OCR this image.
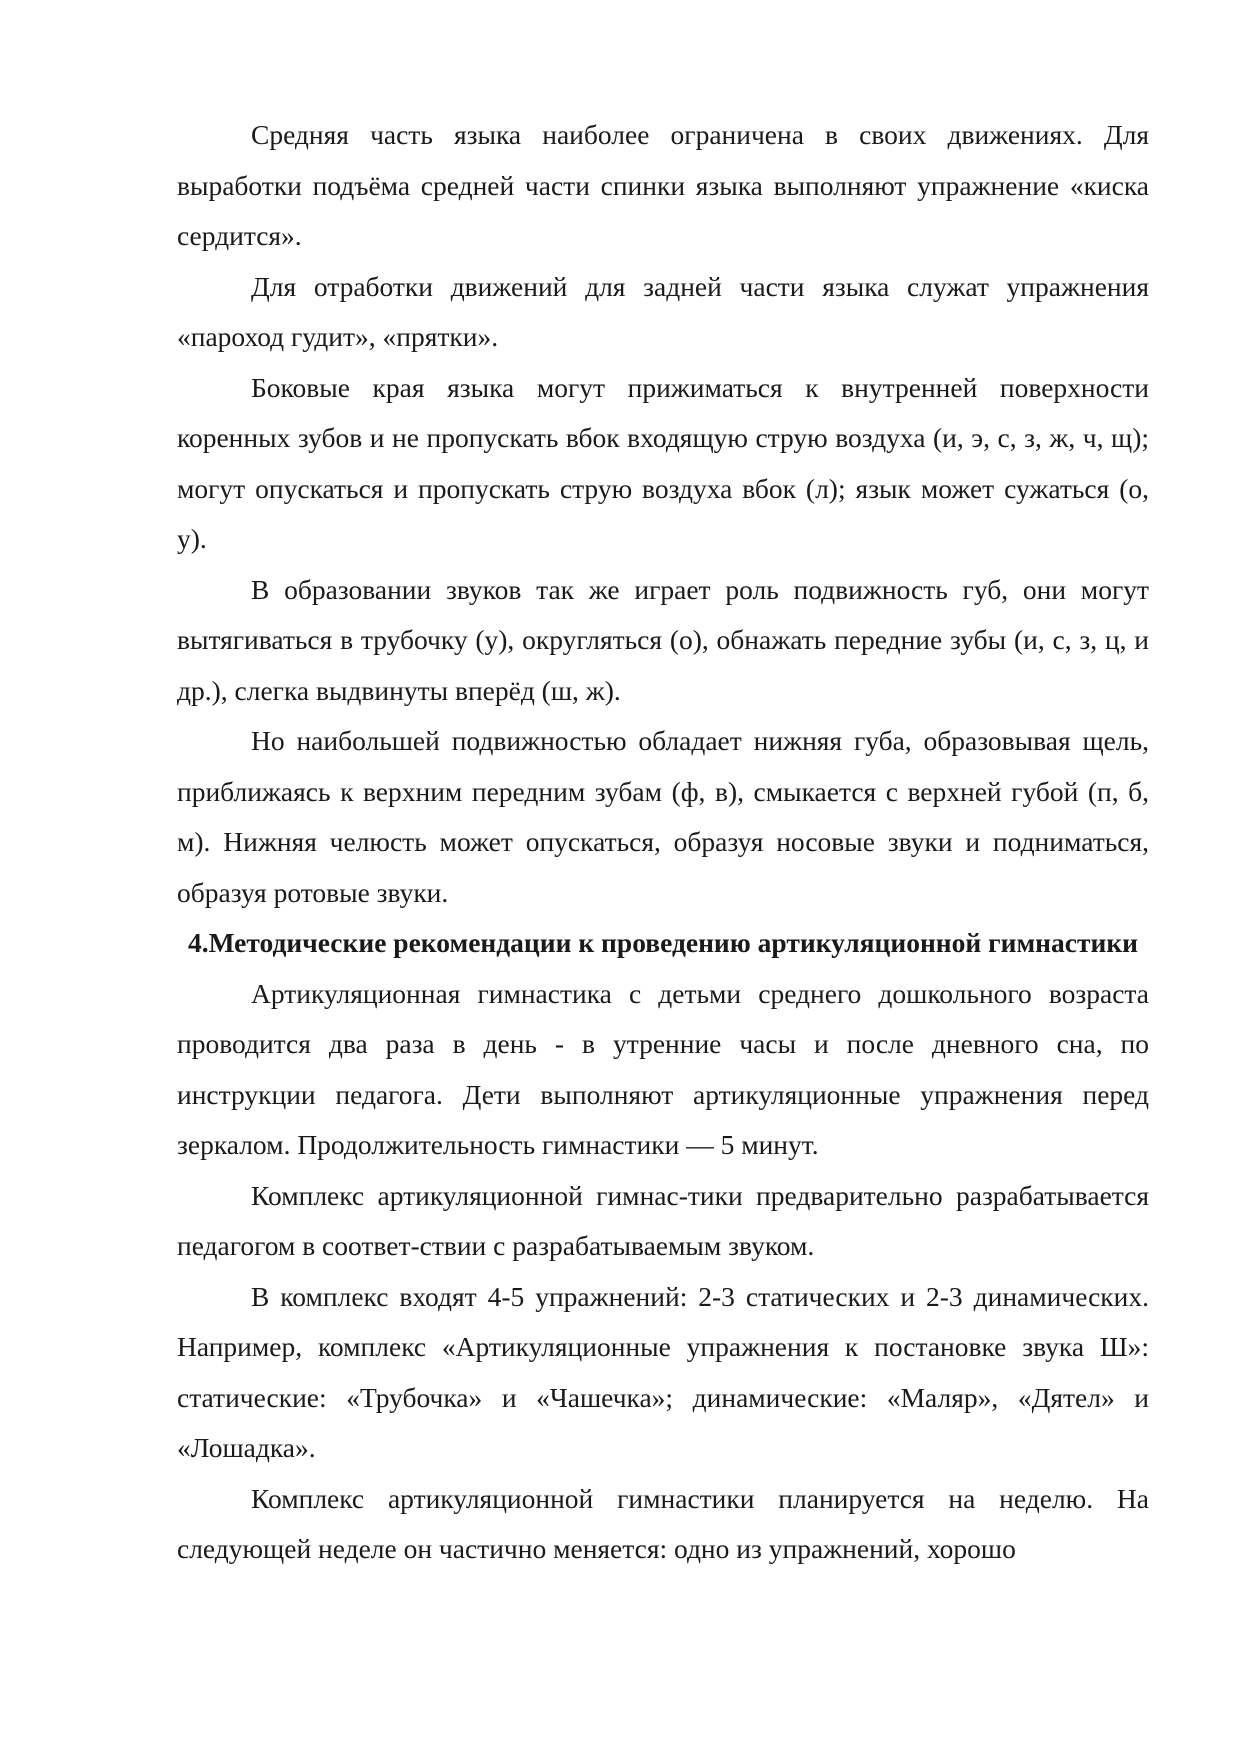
Средняя часть языка наиболее ограничена в своих движениях. Для выработки подъёма средней части спинки языка выполняют упражнение «киска сердится».

Для отработки движений для задней части языка служат упражнения «пароход гудит», «прятки».

Боковые края языка могут прижиматься к внутренней поверхности коренных зубов и не пропускать вбок входящую струю воздуха (и, э, с, з, ж, ч, щ); могут опускаться и пропускать струю воздуха вбок (л); язык может сужаться (о, у).

В образовании звуков так же играет роль подвижность губ, они могут вытягиваться в трубочку (у), округляться (о), обнажать передние зубы (и, с, з, ц, и др.), слегка выдвинуты вперёд (ш, ж).

Но наибольшей подвижностью обладает нижняя губа, образовывая щель, приближаясь к верхним передним зубам (ф, в), смыкается с верхней губой (п, б, м). Нижняя челюсть может опускаться, образуя носовые звуки и подниматься, образуя ротовые звуки.

4.Методические рекомендации к проведению артикуляционной гимнастики

Артикуляционная гимнастика с детьми среднего дошкольного возраста проводится два раза в день - в утренние часы и после дневного сна, по инструкции педагога. Дети выполняют артикуляционные упражнения перед зеркалом. Продолжительность гимнастики — 5 минут.

Комплекс артикуляционной гимнас-тики предварительно разрабатывается педагогом в соответ-ствии с разрабатываемым звуком.

В комплекс входят 4-5 упражнений: 2-3 статических и 2-3 динамических. Например, комплекс «Артикуляционные упражнения к постановке звука Ш»: статические: «Трубочка» и «Чашечка»; динамические: «Маляр», «Дятел» и «Лошадка».

Комплекс артикуляционной гимнастики планируется на неделю. На следующей неделе он частично меняется: одно из упражнений, хорошо
